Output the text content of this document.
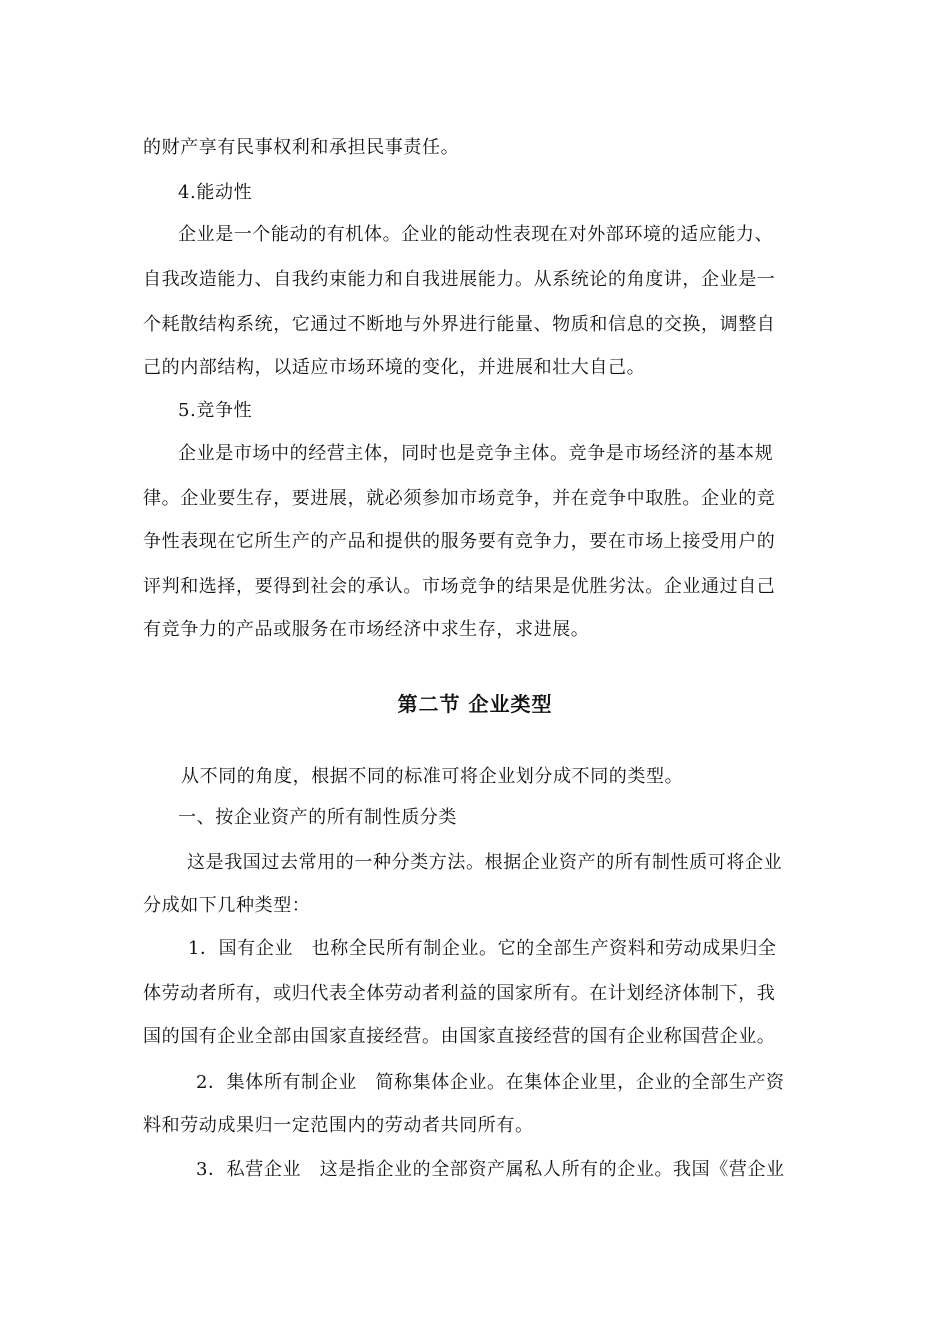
的财产享有民事权利和承担民事责任。
4.能动性
企业是一个能动的有机体。企业的能动性表现在对外部环境的适应能力、
自我改造能力、自我约束能力和自我进展能力。从系统论的角度讲，企业是一
个耗散结构系统，它通过不断地与外界进行能量、物质和信息的交换，调整自
己的内部结构，以适应市场环境的变化，并进展和壮大自己。
5.竞争性
企业是市场中的经营主体，同时也是竞争主体。竞争是市场经济的基本规
律。企业要生存，要进展，就必须参加市场竞争，并在竞争中取胜。企业的竞
争性表现在它所生产的产品和提供的服务要有竞争力，要在市场上接受用户的
评判和选择，要得到社会的承认。市场竞争的结果是优胜劣汰。企业通过自己
有竞争力的产品或服务在市场经济中求生存，求进展。
第二节 企业类型
从不同的角度，根据不同的标准可将企业划分成不同的类型。
一、按企业资产的所有制性质分类
这是我国过去常用的一种分类方法。根据企业资产的所有制性质可将企业
分成如下几种类型：
1．国有企业　也称全民所有制企业。它的全部生产资料和劳动成果归全
体劳动者所有，或归代表全体劳动者利益的国家所有。在计划经济体制下，我
国的国有企业全部由国家直接经营。由国家直接经营的国有企业称国营企业。
2．集体所有制企业　简称集体企业。在集体企业里，企业的全部生产资
料和劳动成果归一定范围内的劳动者共同所有。
3．私营企业　这是指企业的全部资产属私人所有的企业。我国《营企业
